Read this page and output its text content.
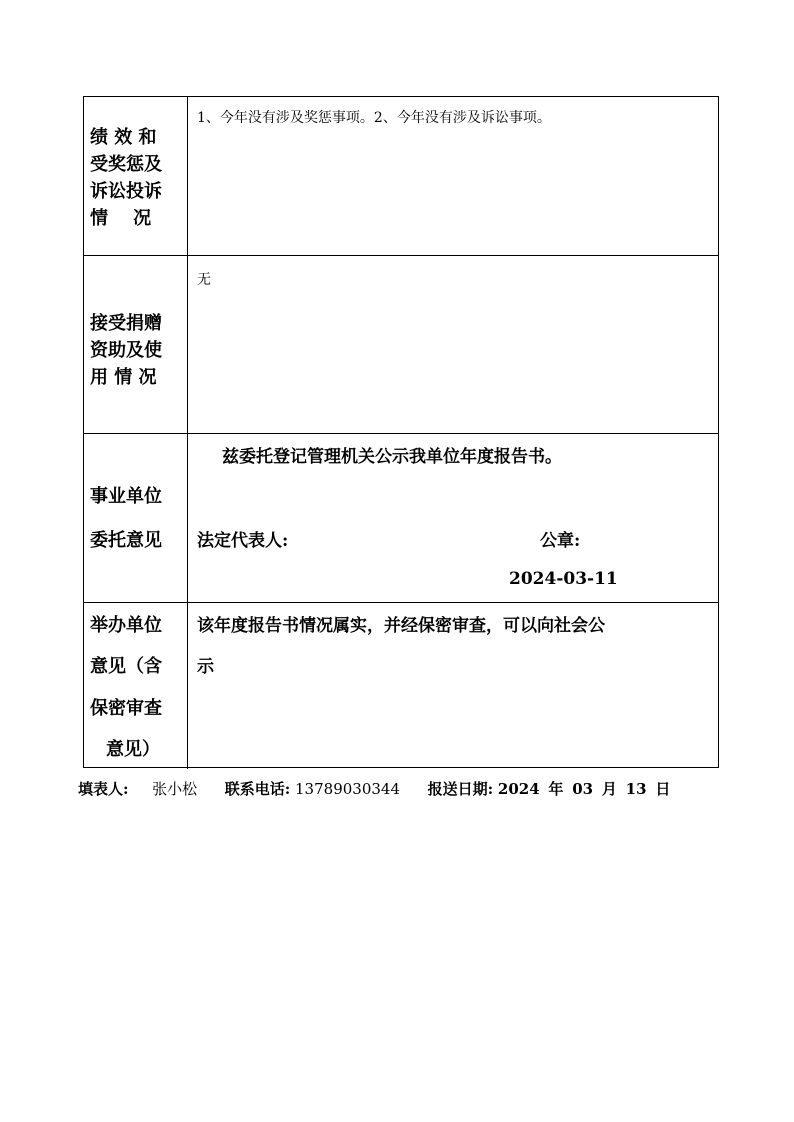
绩 效 和
受奖惩及
诉讼投诉
情    况
1、今年没有涉及奖惩事项。2、今年没有涉及诉讼事项。
接受捐赠
资助及使
用 情 况
无
事业单位
委托意见
兹委托登记管理机关公示我单位年度报告书。
法定代表人:	公章:
2024-03-11
举办单位
意见（含
保密审查
意见）
该年度报告书情况属实，并经保密审查，可以向社会公
示
填表人: 张小松 联系电话: 13789030344 报送日期: 2024 年 03 月 13 日
